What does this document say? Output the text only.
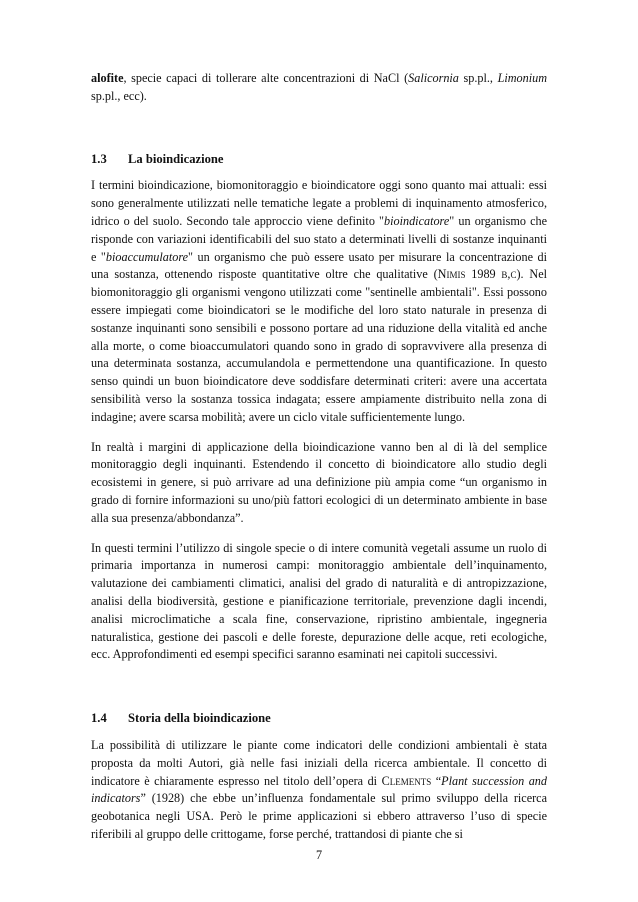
alofite, specie capaci di tollerare alte concentrazioni di NaCl (Salicornia sp.pl., Limonium sp.pl., ecc).

1.3	La bioindicazione

I termini bioindicazione, biomonitoraggio e bioindicatore oggi sono quanto mai attuali: essi sono generalmente utilizzati nelle tematiche legate a problemi di inquinamento atmosferico, idrico o del suolo. Secondo tale approccio viene definito "bioindicatore" un organismo che risponde con variazioni identificabili del suo stato a determinati livelli di sostanze inquinanti e "bioaccumulatore" un organismo che può essere usato per misurare la concentrazione di una sostanza, ottenendo risposte quantitative oltre che qualitative (Nimis 1989 b,c). Nel biomonitoraggio gli organismi vengono utilizzati come "sentinelle ambientali". Essi possono essere impiegati come bioindicatori se le modifiche del loro stato naturale in presenza di sostanze inquinanti sono sensibili e possono portare ad una riduzione della vitalità ed anche alla morte, o come bioaccumulatori quando sono in grado di sopravvivere alla presenza di una determinata sostanza, accumulandola e permettendone una quantificazione. In questo senso quindi un buon bioindicatore deve soddisfare determinati criteri: avere una accertata sensibilità verso la sostanza tossica indagata; essere ampiamente distribuito nella zona di indagine; avere scarsa mobilità; avere un ciclo vitale sufficientemente lungo.

In realtà i margini di applicazione della bioindicazione vanno ben al di là del semplice monitoraggio degli inquinanti. Estendendo il concetto di bioindicatore allo studio degli ecosistemi in genere, si può arrivare ad una definizione più ampia come “un organismo in grado di fornire informazioni su uno/più fattori ecologici di un determinato ambiente in base alla sua presenza/abbondanza”.

In questi termini l’utilizzo di singole specie o di intere comunità vegetali assume un ruolo di primaria importanza in numerosi campi: monitoraggio ambientale dell’inquinamento, valutazione dei cambiamenti climatici, analisi del grado di naturalità e di antropizzazione, analisi della biodiversità, gestione e pianificazione territoriale, prevenzione dagli incendi, analisi microclimatiche a scala fine, conservazione, ripristino ambientale, ingegneria naturalistica, gestione dei pascoli e delle foreste, depurazione delle acque, reti ecologiche, ecc. Approfondimenti ed esempi specifici saranno esaminati nei capitoli successivi.

1.4	Storia della bioindicazione

La possibilità di utilizzare le piante come indicatori delle condizioni ambientali è stata proposta da molti Autori, già nelle fasi iniziali della ricerca ambientale. Il concetto di indicatore è chiaramente espresso nel titolo dell’opera di Clements “Plant succession and indicators” (1928) che ebbe un’influenza fondamentale sul primo sviluppo della ricerca geobotanica negli USA. Però le prime applicazioni si ebbero attraverso l’uso di specie riferibili al gruppo delle crittogame, forse perché, trattandosi di piante che si

7
